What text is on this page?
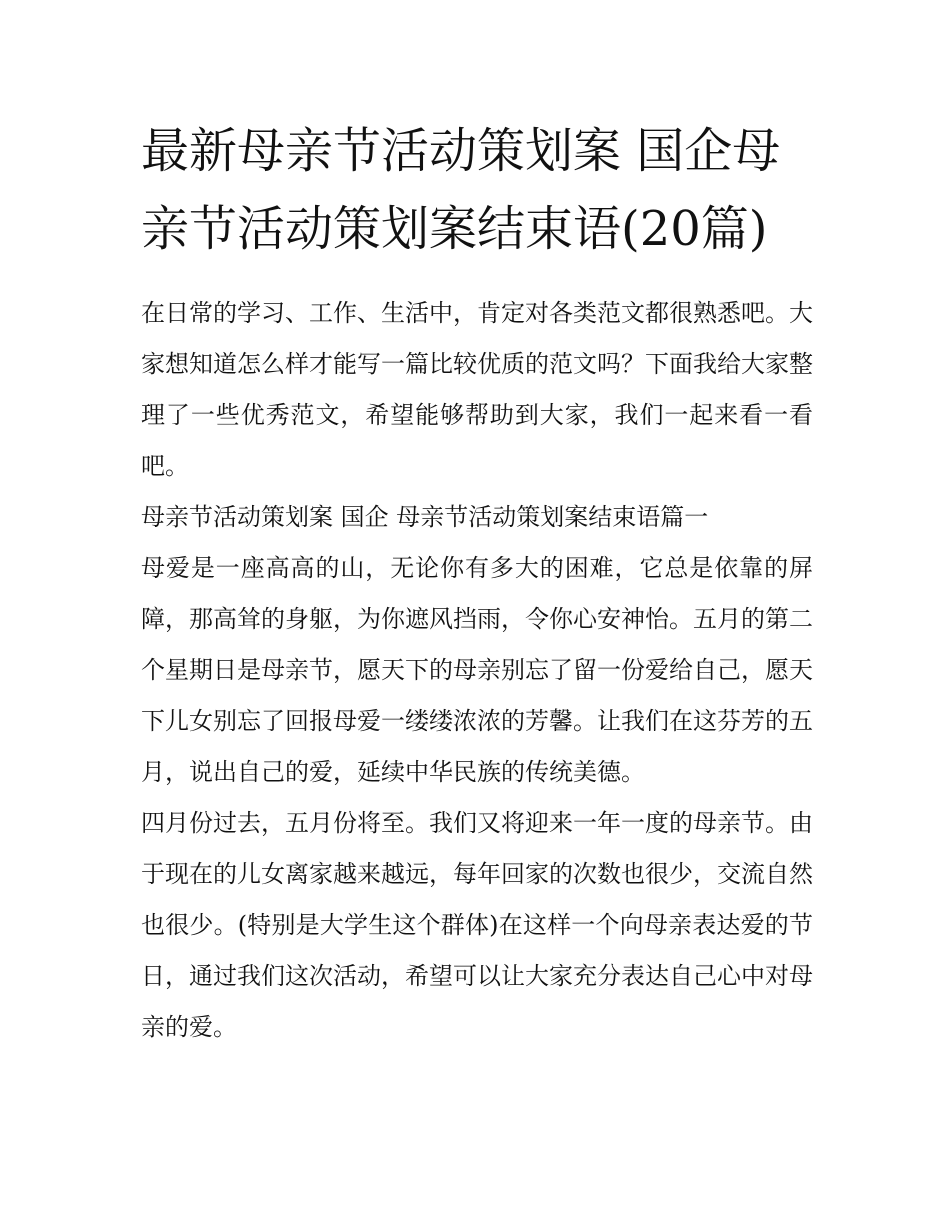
最新母亲节活动策划案 国企母亲节活动策划案结束语(20篇)

在日常的学习、工作、生活中，肯定对各类范文都很熟悉吧。大家想知道怎么样才能写一篇比较优质的范文吗？下面我给大家整理了一些优秀范文，希望能够帮助到大家，我们一起来看一看吧。

母亲节活动策划案 国企 母亲节活动策划案结束语篇一

母爱是一座高高的山，无论你有多大的困难，它总是依靠的屏障，那高耸的身躯，为你遮风挡雨，令你心安神怡。五月的第二个星期日是母亲节，愿天下的母亲别忘了留一份爱给自己，愿天下儿女别忘了回报母爱一缕缕浓浓的芳馨。让我们在这芬芳的五月，说出自己的爱，延续中华民族的传统美德。

四月份过去，五月份将至。我们又将迎来一年一度的母亲节。由于现在的儿女离家越来越远，每年回家的次数也很少，交流自然也很少。(特别是大学生这个群体)在这样一个向母亲表达爱的节日，通过我们这次活动，希望可以让大家充分表达自己心中对母亲的爱。
